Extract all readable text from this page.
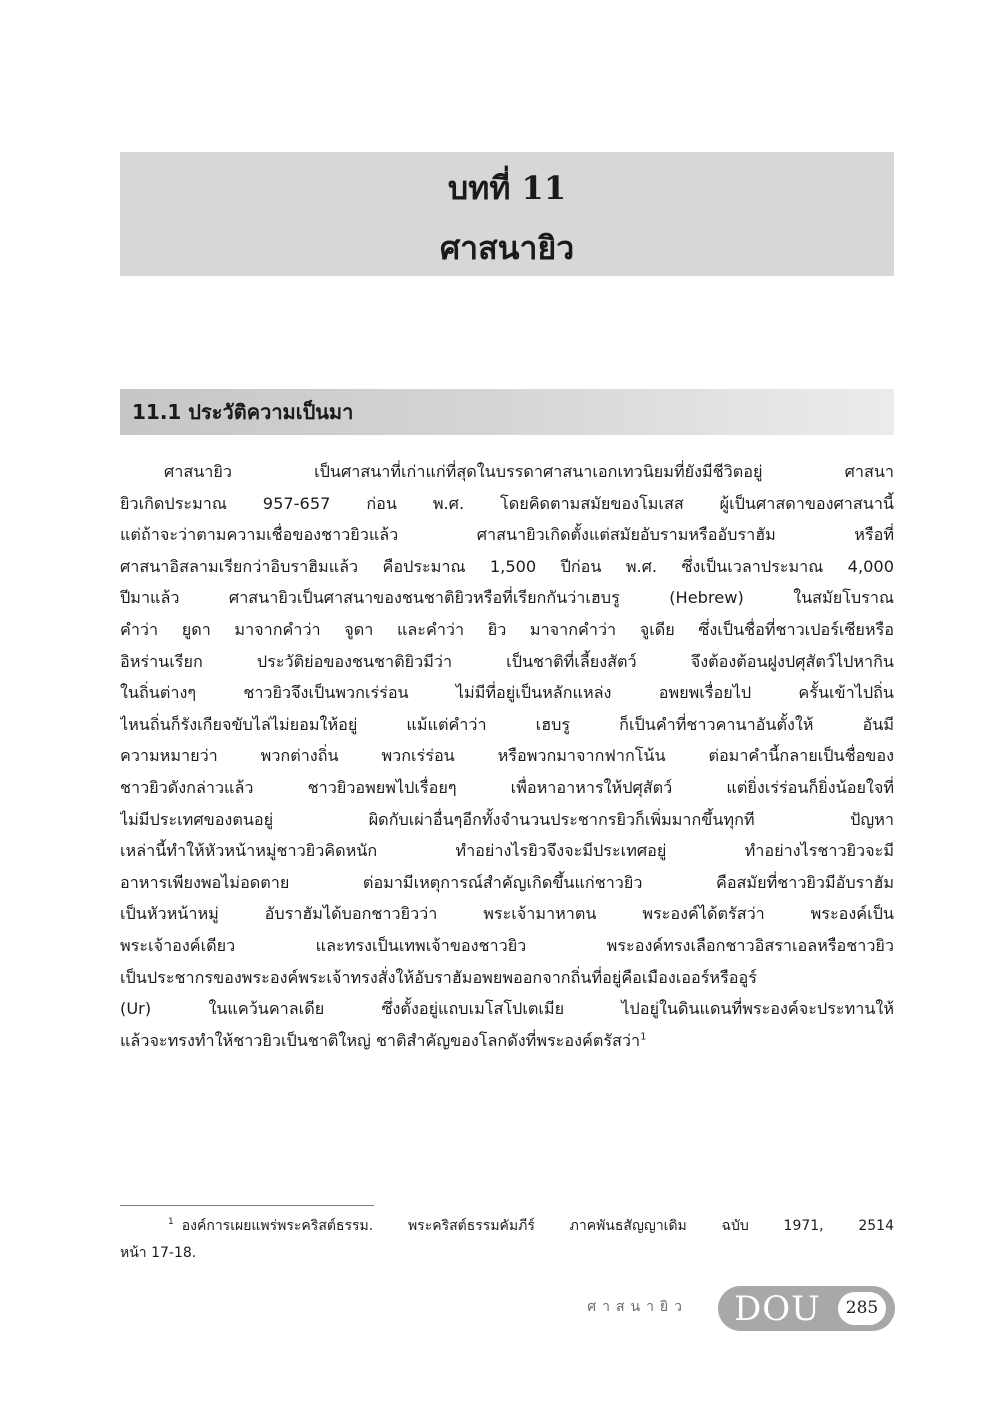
บทที่ 11
ศาสนายิว
11.1 ประวัติความเป็นมา
ศาสนายิว เป็นศาสนาที่เก่าแก่ที่สุดในบรรดาศาสนาเอกเทวนิยมที่ยังมีชีวิตอยู่ ศาสนา
ยิวเกิดประมาณ 957-657 ก่อน พ.ศ. โดยคิดตามสมัยของโมเสส ผู้เป็นศาสดาของศาสนานี้
แต่ถ้าจะว่าตามความเชื่อของชาวยิวแล้ว ศาสนายิวเกิดตั้งแต่สมัยอับรามหรืออับราฮัม หรือที่
ศาสนาอิสลามเรียกว่าอิบราฮิมแล้ว คือประมาณ 1,500 ปีก่อน พ.ศ. ซึ่งเป็นเวลาประมาณ 4,000
ปีมาแล้ว ศาสนายิวเป็นศาสนาของชนชาติยิวหรือที่เรียกกันว่าเฮบรู (Hebrew) ในสมัยโบราณ
คำว่า ยูดา มาจากคำว่า จูดา และคำว่า ยิว มาจากคำว่า จูเดีย ซึ่งเป็นชื่อที่ชาวเปอร์เซียหรือ
อิหร่านเรียก ประวัติย่อของชนชาติยิวมีว่า เป็นชาติที่เลี้ยงสัตว์ จึงต้องต้อนฝูงปศุสัตว์ไปหากิน
ในถิ่นต่างๆ ชาวยิวจึงเป็นพวกเร่ร่อน ไม่มีที่อยู่เป็นหลักแหล่ง อพยพเรื่อยไป ครั้นเข้าไปถิ่น
ไหนถิ่นก็รังเกียจขับไล่ไม่ยอมให้อยู่ แม้แต่คำว่า เฮบรู ก็เป็นคำที่ชาวคานาอันตั้งให้ อันมี
ความหมายว่า พวกต่างถิ่น พวกเร่ร่อน หรือพวกมาจากฟากโน้น ต่อมาคำนี้กลายเป็นชื่อของ
ชาวยิวดังกล่าวแล้ว ชาวยิวอพยพไปเรื่อยๆ เพื่อหาอาหารให้ปศุสัตว์ แต่ยิ่งเร่ร่อนก็ยิ่งน้อยใจที่
ไม่มีประเทศของตนอยู่ ผิดกับเผ่าอื่นๆอีกทั้งจำนวนประชากรยิวก็เพิ่มมากขึ้นทุกที ปัญหา
เหล่านี้ทำให้หัวหน้าหมู่ชาวยิวคิดหนัก ทำอย่างไรยิวจึงจะมีประเทศอยู่ ทำอย่างไรชาวยิวจะมี
อาหารเพียงพอไม่อดตาย ต่อมามีเหตุการณ์สำคัญเกิดขึ้นแก่ชาวยิว คือสมัยที่ชาวยิวมีอับราฮัม
เป็นหัวหน้าหมู่ อับราฮัมได้บอกชาวยิวว่า พระเจ้ามาหาตน พระองค์ได้ตรัสว่า พระองค์เป็น
พระเจ้าองค์เดียว และทรงเป็นเทพเจ้าของชาวยิว พระองค์ทรงเลือกชาวอิสราเอลหรือชาวยิว
เป็นประชากรของพระองค์พระเจ้าทรงสั่งให้อับราฮัมอพยพออกจากถิ่นที่อยู่คือเมืองเออร์หรืออูร์
(Ur) ในแคว้นคาลเดีย ซึ่งตั้งอยู่แถบเมโสโปเตเมีย ไปอยู่ในดินแดนที่พระองค์จะประทานให้
แล้วจะทรงทำให้ชาวยิวเป็นชาติใหญ่ ชาติสำคัญของโลกดังที่พระองค์ตรัสว่า$^1$
$^1$ องค์การเผยแพร่พระคริสต์ธรรม. พระคริสต์ธรรมคัมภีร์ ภาคพันธสัญญาเดิม ฉบับ 1971, 2514
หน้า 17-18.
ศาสนายิว DOU	285
